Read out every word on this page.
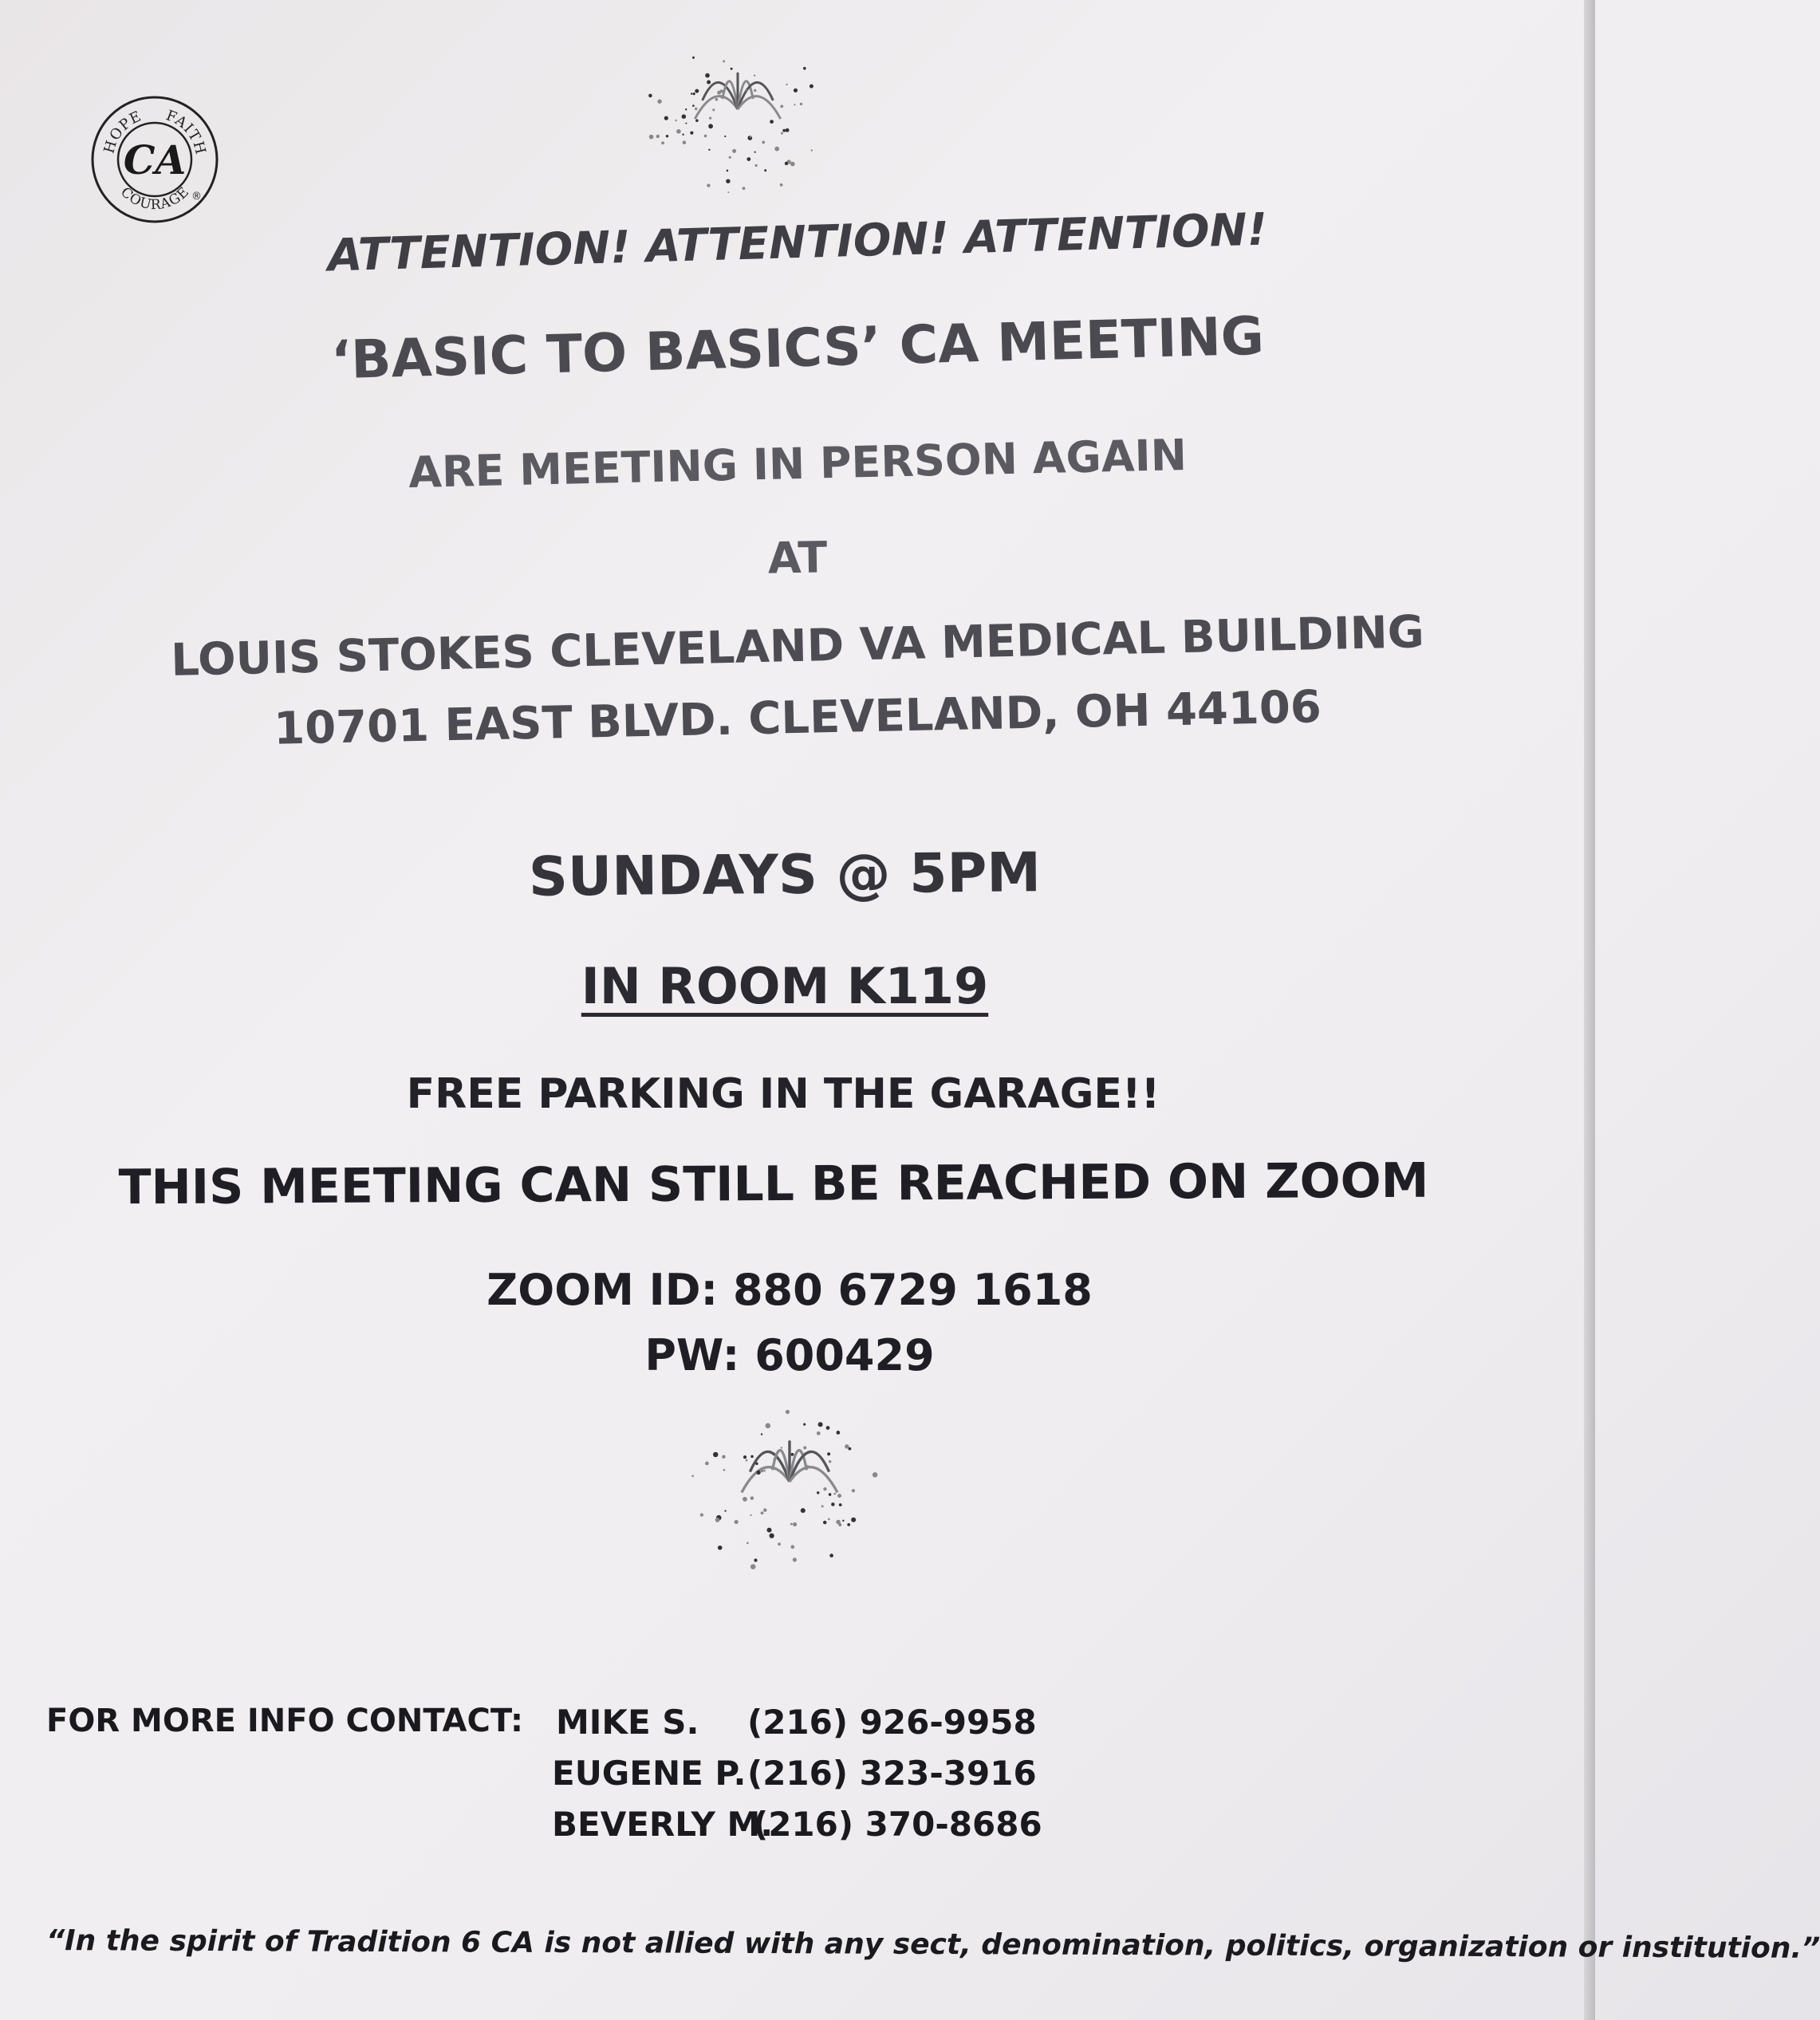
HOPE FAITH
COURAGE
CA
®
ATTENTION! ATTENTION! ATTENTION!
‘BASIC TO BASICS’ CA MEETING
ARE MEETING IN PERSON AGAIN
AT
LOUIS STOKES CLEVELAND VA MEDICAL BUILDING
10701 EAST BLVD. CLEVELAND, OH 44106
SUNDAYS @ 5PM
IN ROOM K119
FREE PARKING IN THE GARAGE!!
THIS MEETING CAN STILL BE REACHED ON ZOOM
ZOOM ID: 880 6729 1618
PW: 600429
FOR MORE INFO CONTACT: MIKE S. (216) 926-9958
EUGENE P. (216) 323-3916
BEVERLY M.
(216) 370-8686
“In the spirit of Tradition 6 CA is not allied with any sect, denomination, politics, organization or institution.”
